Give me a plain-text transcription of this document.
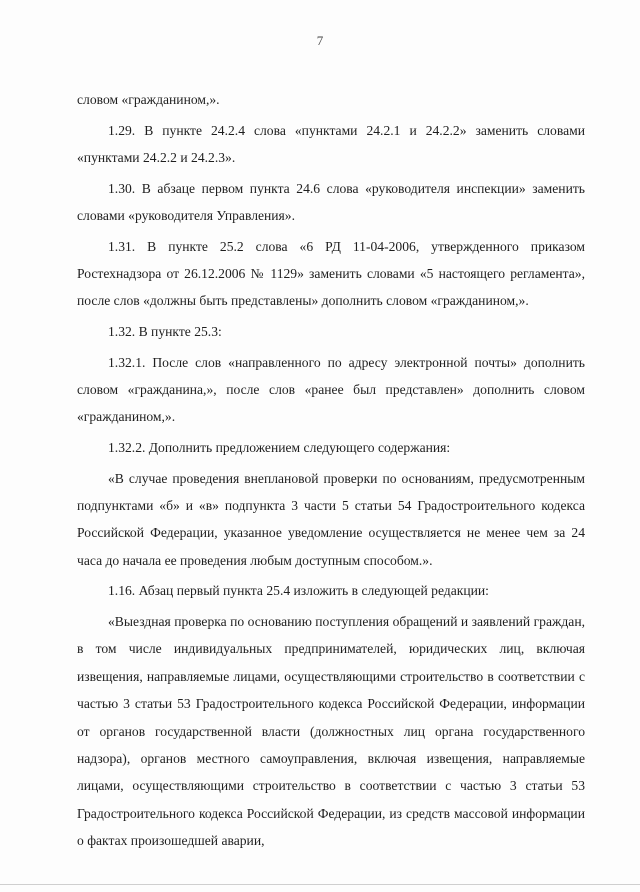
7

словом «гражданином,».

1.29. В пункте 24.2.4 слова «пунктами 24.2.1 и 24.2.2» заменить словами «пунктами 24.2.2 и 24.2.3».

1.30. В абзаце первом пункта 24.6 слова «руководителя инспекции» заменить словами «руководителя Управления».

1.31. В пункте 25.2 слова «6 РД 11-04-2006, утвержденного приказом Ростехнадзора от 26.12.2006 № 1129» заменить словами «5 настоящего регламента», после слов «должны быть представлены» дополнить словом «гражданином,».

1.32. В пункте 25.3:

1.32.1. После слов «направленного по адресу электронной почты» дополнить словом «гражданина,», после слов «ранее был представлен» дополнить словом «гражданином,».

1.32.2. Дополнить предложением следующего содержания:

«В случае проведения внеплановой проверки по основаниям, предусмотренным подпунктами «б» и «в» подпункта 3 части 5 статьи 54 Градостроительного кодекса Российской Федерации, указанное уведомление осуществляется не менее чем за 24 часа до начала ее проведения любым доступным способом.».

1.16. Абзац первый пункта 25.4 изложить в следующей редакции:

«Выездная проверка по основанию поступления обращений и заявлений граждан, в том числе индивидуальных предпринимателей, юридических лиц, включая извещения, направляемые лицами, осуществляющими строительство в соответствии с частью 3 статьи 53 Градостроительного кодекса Российской Федерации, информации от органов государственной власти (должностных лиц органа государственного надзора), органов местного самоуправления, включая извещения, направляемые лицами, осуществляющими строительство в соответствии с частью 3 статьи 53 Градостроительного кодекса Российской Федерации, из средств массовой информации о фактах произошедшей аварии,
